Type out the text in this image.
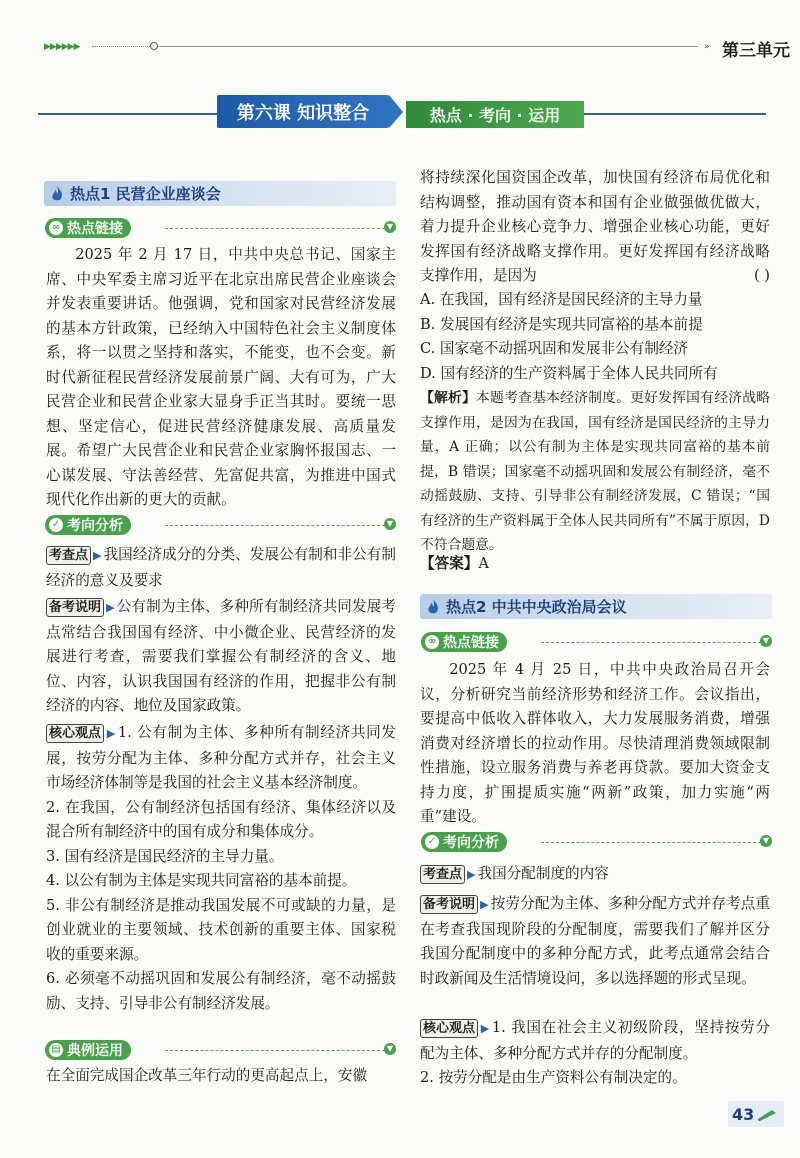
▶▶▶▶▶▶	» 第三单元
第六课 知识整合	热点 · 考向 · 运用
热点1 民营企业座谈会
∞ 热点链接	▼
2025 年 2 月 17 日，中共中央总书记、国家主席、中央军委主席习近平在北京出席民营企业座谈会并发表重要讲话。他强调，党和国家对民营经济发展的基本方针政策，已经纳入中国特色社会主义制度体系，将一以贯之坚持和落实，不能变，也不会变。新时代新征程民营经济发展前景广阔、大有可为，广大民营企业和民营企业家大显身手正当其时。要统一思想、坚定信心，促进民营经济健康发展、高质量发展。希望广大民营企业和民营企业家胸怀报国志、一心谋发展、守法善经营、先富促共富，为推进中国式现代化作出新的更大的贡献。
✓ 考向分析	▼
考查点 ▶ 我国经济成分的分类、发展公有制和非公有制经济的意义及要求
备考说明 ▶ 公有制为主体、多种所有制经济共同发展考点常结合我国国有经济、中小微企业、民营经济的发展进行考查，需要我们掌握公有制经济的含义、地位、内容，认识我国国有经济的作用，把握非公有制经济的内容、地位及国家政策。
核心观点 ▶ 1. 公有制为主体、多种所有制经济共同发展，按劳分配为主体、多种分配方式并存，社会主义市场经济体制等是我国的社会主义基本经济制度。
2. 在我国，公有制经济包括国有经济、集体经济以及混合所有制经济中的国有成分和集体成分。
3. 国有经济是国民经济的主导力量。
4. 以公有制为主体是实现共同富裕的基本前提。
5. 非公有制经济是推动我国发展不可或缺的力量，是创业就业的主要领域、技术创新的重要主体、国家税收的重要来源。
6. 必须毫不动摇巩固和发展公有制经济，毫不动摇鼓励、支持、引导非公有制经济发展。
▤ 典例运用	▼
在全面完成国企改革三年行动的更高起点上，安徽
将持续深化国资国企改革，加快国有经济布局优化和结构调整，推动国有资本和国有企业做强做优做大，着力提升企业核心竞争力、增强企业核心功能，更好发挥国有经济战略支撑作用。更好发挥国有经济战略支撑作用，是因为	( )
A. 在我国，国有经济是国民经济的主导力量
B. 发展国有经济是实现共同富裕的基本前提
C. 国家毫不动摇巩固和发展非公有制经济
D. 国有经济的生产资料属于全体人民共同所有
【解析】本题考查基本经济制度。更好发挥国有经济战略支撑作用，是因为在我国，国有经济是国民经济的主导力量，A 正确；以公有制为主体是实现共同富裕的基本前提，B 错误；国家毫不动摇巩固和发展公有制经济，毫不动摇鼓励、支持、引导非公有制经济发展，C 错误；“国有经济的生产资料属于全体人民共同所有”不属于原因，D 不符合题意。
【答案】A
热点2 中共中央政治局会议
∞ 热点链接	▼
2025 年 4 月 25 日，中共中央政治局召开会议，分析研究当前经济形势和经济工作。会议指出，要提高中低收入群体收入，大力发展服务消费，增强消费对经济增长的拉动作用。尽快清理消费领域限制性措施，设立服务消费与养老再贷款。要加大资金支持力度，扩围提质实施“两新”政策，加力实施“两重”建设。
✓ 考向分析	▼
考查点 ▶ 我国分配制度的内容
备考说明 ▶ 按劳分配为主体、多种分配方式并存考点重在考查我国现阶段的分配制度，需要我们了解并区分我国分配制度中的多种分配方式，此考点通常会结合时政新闻及生活情境设问，多以选择题的形式呈现。
核心观点 ▶ 1. 我国在社会主义初级阶段，坚持按劳分配为主体、多种分配方式并存的分配制度。
2. 按劳分配是由生产资料公有制决定的。
43
